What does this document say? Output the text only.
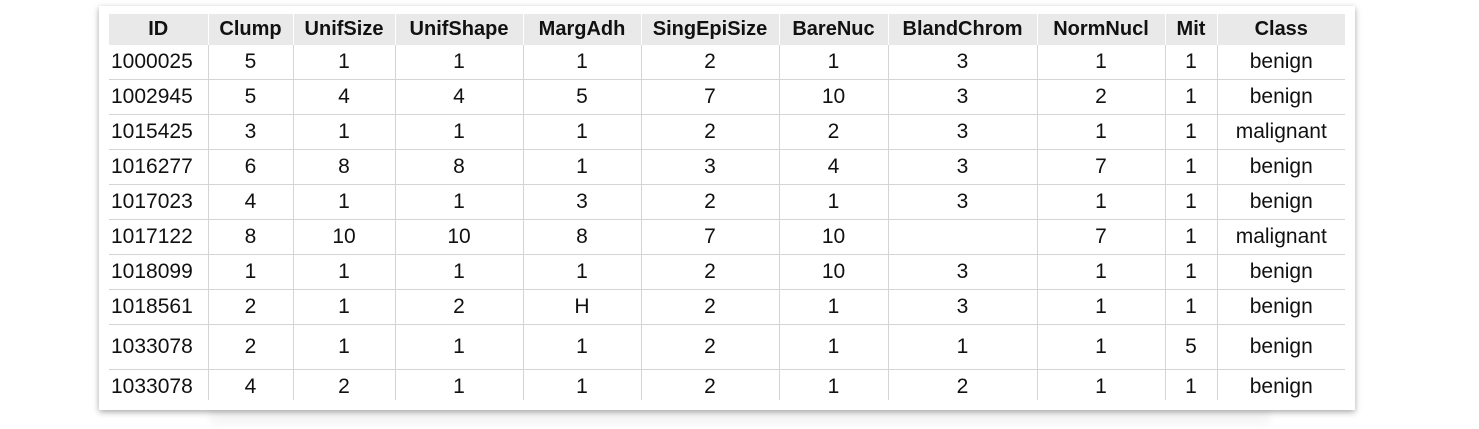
ID	Clump	UnifSize	UnifShape	MargAdh	SingEpiSize	BareNuc	BlandChrom	NormNucl	Mit	Class
1000025	5	1	1	1	2	1	3	1	1	benign
1002945	5	4	4	5	7	10	3	2	1	benign
1015425	3	1	1	1	2	2	3	1	1	malignant
1016277	6	8	8	1	3	4	3	7	1	benign
1017023	4	1	1	3	2	1	3	1	1	benign
1017122	8	10	10	8	7	10		7	1	malignant
1018099	1	1	1	1	2	10	3	1	1	benign
1018561	2	1	2	H	2	1	3	1	1	benign
1033078	2	1	1	1	2	1	1	1	5	benign
1033078	4	2	1	1	2	1	2	1	1	benign
